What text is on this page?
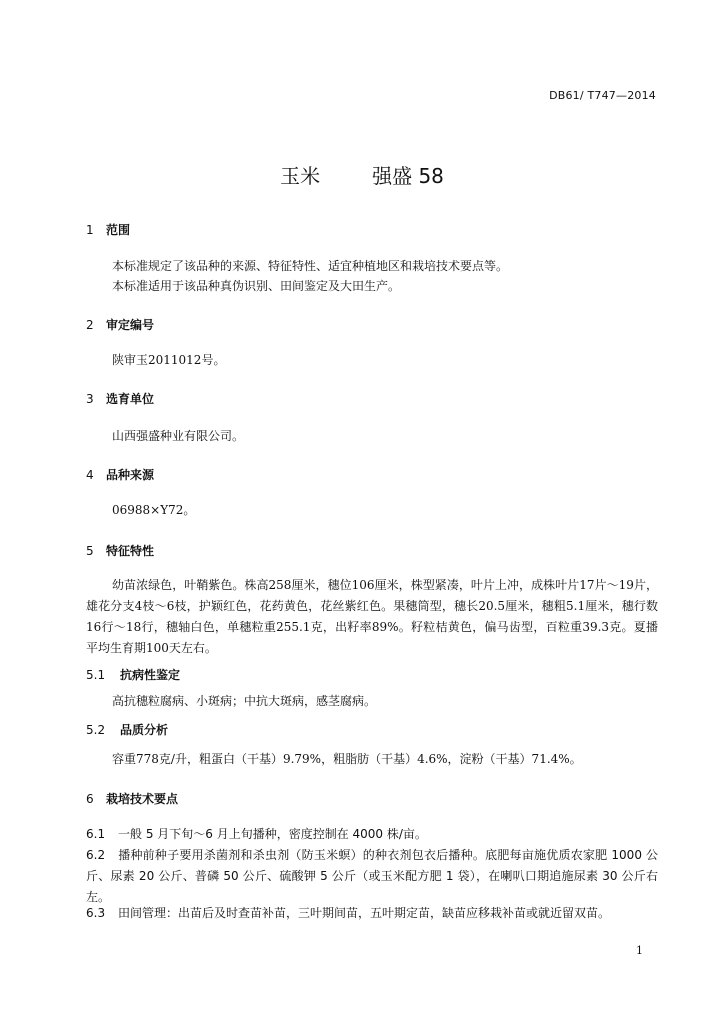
DB61/ T747—2014
玉米	强盛 58
1 范围
本标准规定了该品种的来源、特征特性、适宜种植地区和栽培技术要点等。
本标准适用于该品种真伪识别、田间鉴定及大田生产。
2 审定编号
陕审玉2011012号。
3 选育单位
山西强盛种业有限公司。
4 品种来源
06988×Y72。
5 特征特性
幼苗浓绿色，叶鞘紫色。株高258厘米，穗位106厘米，株型紧凑，叶片上冲，成株叶片17片～19片，雄花分支4枝～6枝，护颖红色，花药黄色，花丝紫红色。果穗筒型，穗长20.5厘米，穗粗5.1厘米，穗行数16行～18行，穗轴白色，单穗粒重255.1克，出籽率89%。籽粒桔黄色，偏马齿型，百粒重39.3克。夏播平均生育期100天左右。
5.1 抗病性鉴定
高抗穗粒腐病、小斑病；中抗大斑病，感茎腐病。
5.2 品质分析
容重778克/升，粗蛋白（干基）9.79%，粗脂肪（干基）4.6%，淀粉（干基）71.4%。
6 栽培技术要点
6.1 一般 5 月下旬～6 月上旬播种，密度控制在 4000 株/亩。
6.2 播种前种子要用杀菌剂和杀虫剂（防玉米螟）的种衣剂包衣后播种。底肥每亩施优质农家肥 1000 公斤、尿素 20 公斤、普磷 50 公斤、硫酸钾 5 公斤（或玉米配方肥 1 袋），在喇叭口期追施尿素 30 公斤右左。
6.3 田间管理：出苗后及时查苗补苗，三叶期间苗，五叶期定苗，缺苗应移栽补苗或就近留双苗。
1
